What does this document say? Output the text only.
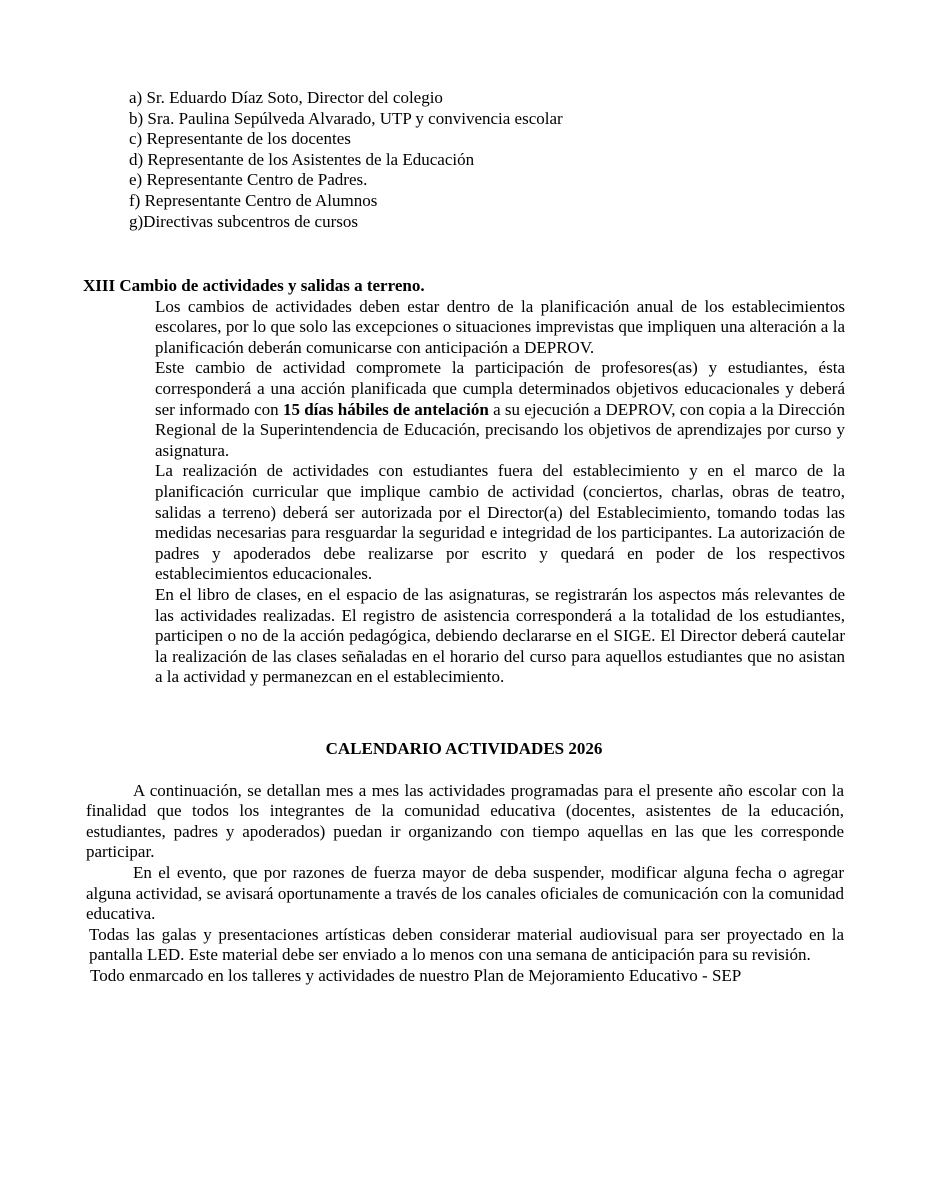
a) Sr. Eduardo Díaz Soto, Director del colegio
b) Sra. Paulina Sepúlveda Alvarado, UTP y convivencia escolar
c) Representante de los docentes
d) Representante de los Asistentes de la Educación
e) Representante Centro de Padres.
f) Representante Centro de Alumnos
g)Directivas subcentros de cursos
XIII Cambio de actividades y salidas a terreno.

Los cambios de actividades deben estar dentro de la planificación anual de los establecimientos escolares, por lo que solo las excepciones o situaciones imprevistas que impliquen una alteración a la planificación deberán comunicarse con anticipación a DEPROV.

Este cambio de actividad compromete la participación de profesores(as) y estudiantes, ésta corresponderá a una acción planificada que cumpla determinados objetivos educacionales y deberá ser informado con 15 días hábiles de antelación a su ejecución a DEPROV, con copia a la Dirección Regional de la Superintendencia de Educación, precisando los objetivos de aprendizajes por curso y asignatura.

La realización de actividades con estudiantes fuera del establecimiento y en el marco de la planificación curricular que implique cambio de actividad (conciertos, charlas, obras de teatro, salidas a terreno) deberá ser autorizada por el Director(a) del Establecimiento, tomando todas las medidas necesarias para resguardar la seguridad e integridad de los participantes. La autorización de padres y apoderados debe realizarse por escrito y quedará en poder de los respectivos establecimientos educacionales.

En el libro de clases, en el espacio de las asignaturas, se registrarán los aspectos más relevantes de las actividades realizadas. El registro de asistencia corresponderá a la totalidad de los estudiantes, participen o no de la acción pedagógica, debiendo declararse en el SIGE. El Director deberá cautelar la realización de las clases señaladas en el horario del curso para aquellos estudiantes que no asistan a la actividad y permanezcan en el establecimiento.

CALENDARIO ACTIVIDADES 2026

A continuación, se detallan mes a mes las actividades programadas para el presente año escolar con la finalidad que todos los integrantes de la comunidad educativa (docentes, asistentes de la educación, estudiantes, padres y apoderados) puedan ir organizando con tiempo aquellas en las que les corresponde participar.

En el evento, que por razones de fuerza mayor de deba suspender, modificar alguna fecha o agregar alguna actividad, se avisará oportunamente a través de los canales oficiales de comunicación con la comunidad educativa.

Todas las galas y presentaciones artísticas deben considerar material audiovisual para ser proyectado en la pantalla LED. Este material debe ser enviado a lo menos con una semana de anticipación para su revisión.

Todo enmarcado en los talleres y actividades de nuestro Plan de Mejoramiento Educativo - SEP
